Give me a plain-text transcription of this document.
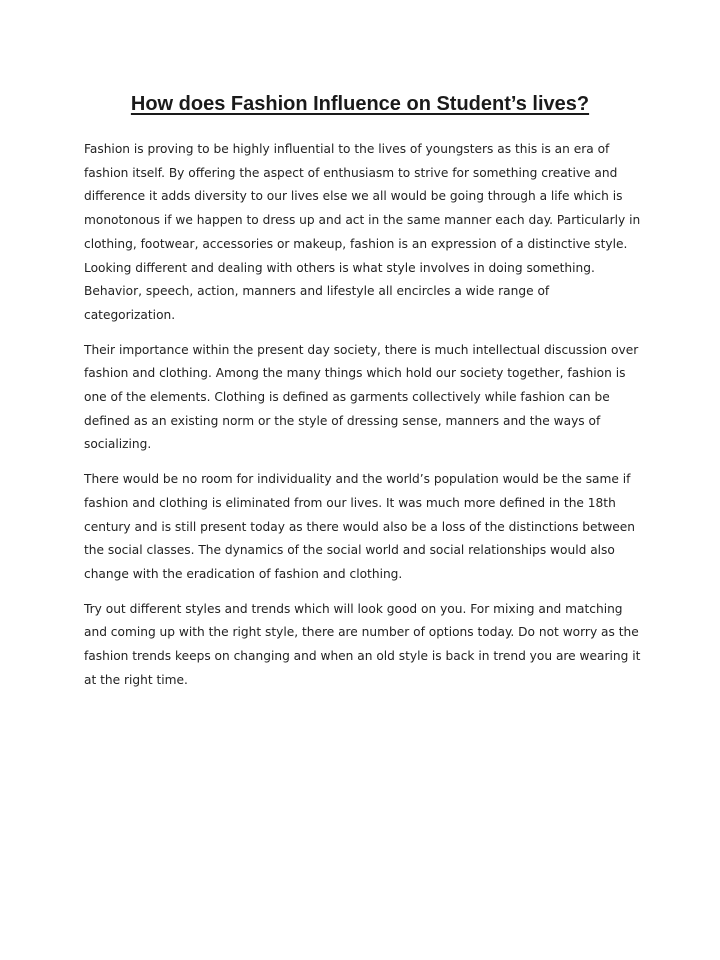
How does Fashion Influence on Student’s lives?

Fashion is proving to be highly influential to the lives of youngsters as this is an era of fashion itself. By offering the aspect of enthusiasm to strive for something creative and difference it adds diversity to our lives else we all would be going through a life which is monotonous if we happen to dress up and act in the same manner each day. Particularly in clothing, footwear, accessories or makeup, fashion is an expression of a distinctive style. Looking different and dealing with others is what style involves in doing something. Behavior, speech, action, manners and lifestyle all encircles a wide range of categorization.

Their importance within the present day society, there is much intellectual discussion over fashion and clothing. Among the many things which hold our society together, fashion is one of the elements. Clothing is defined as garments collectively while fashion can be defined as an existing norm or the style of dressing sense, manners and the ways of socializing.

There would be no room for individuality and the world’s population would be the same if fashion and clothing is eliminated from our lives. It was much more defined in the 18th century and is still present today as there would also be a loss of the distinctions between the social classes. The dynamics of the social world and social relationships would also change with the eradication of fashion and clothing.

Try out different styles and trends which will look good on you. For mixing and matching and coming up with the right style, there are number of options today. Do not worry as the fashion trends keeps on changing and when an old style is back in trend you are wearing it at the right time.
